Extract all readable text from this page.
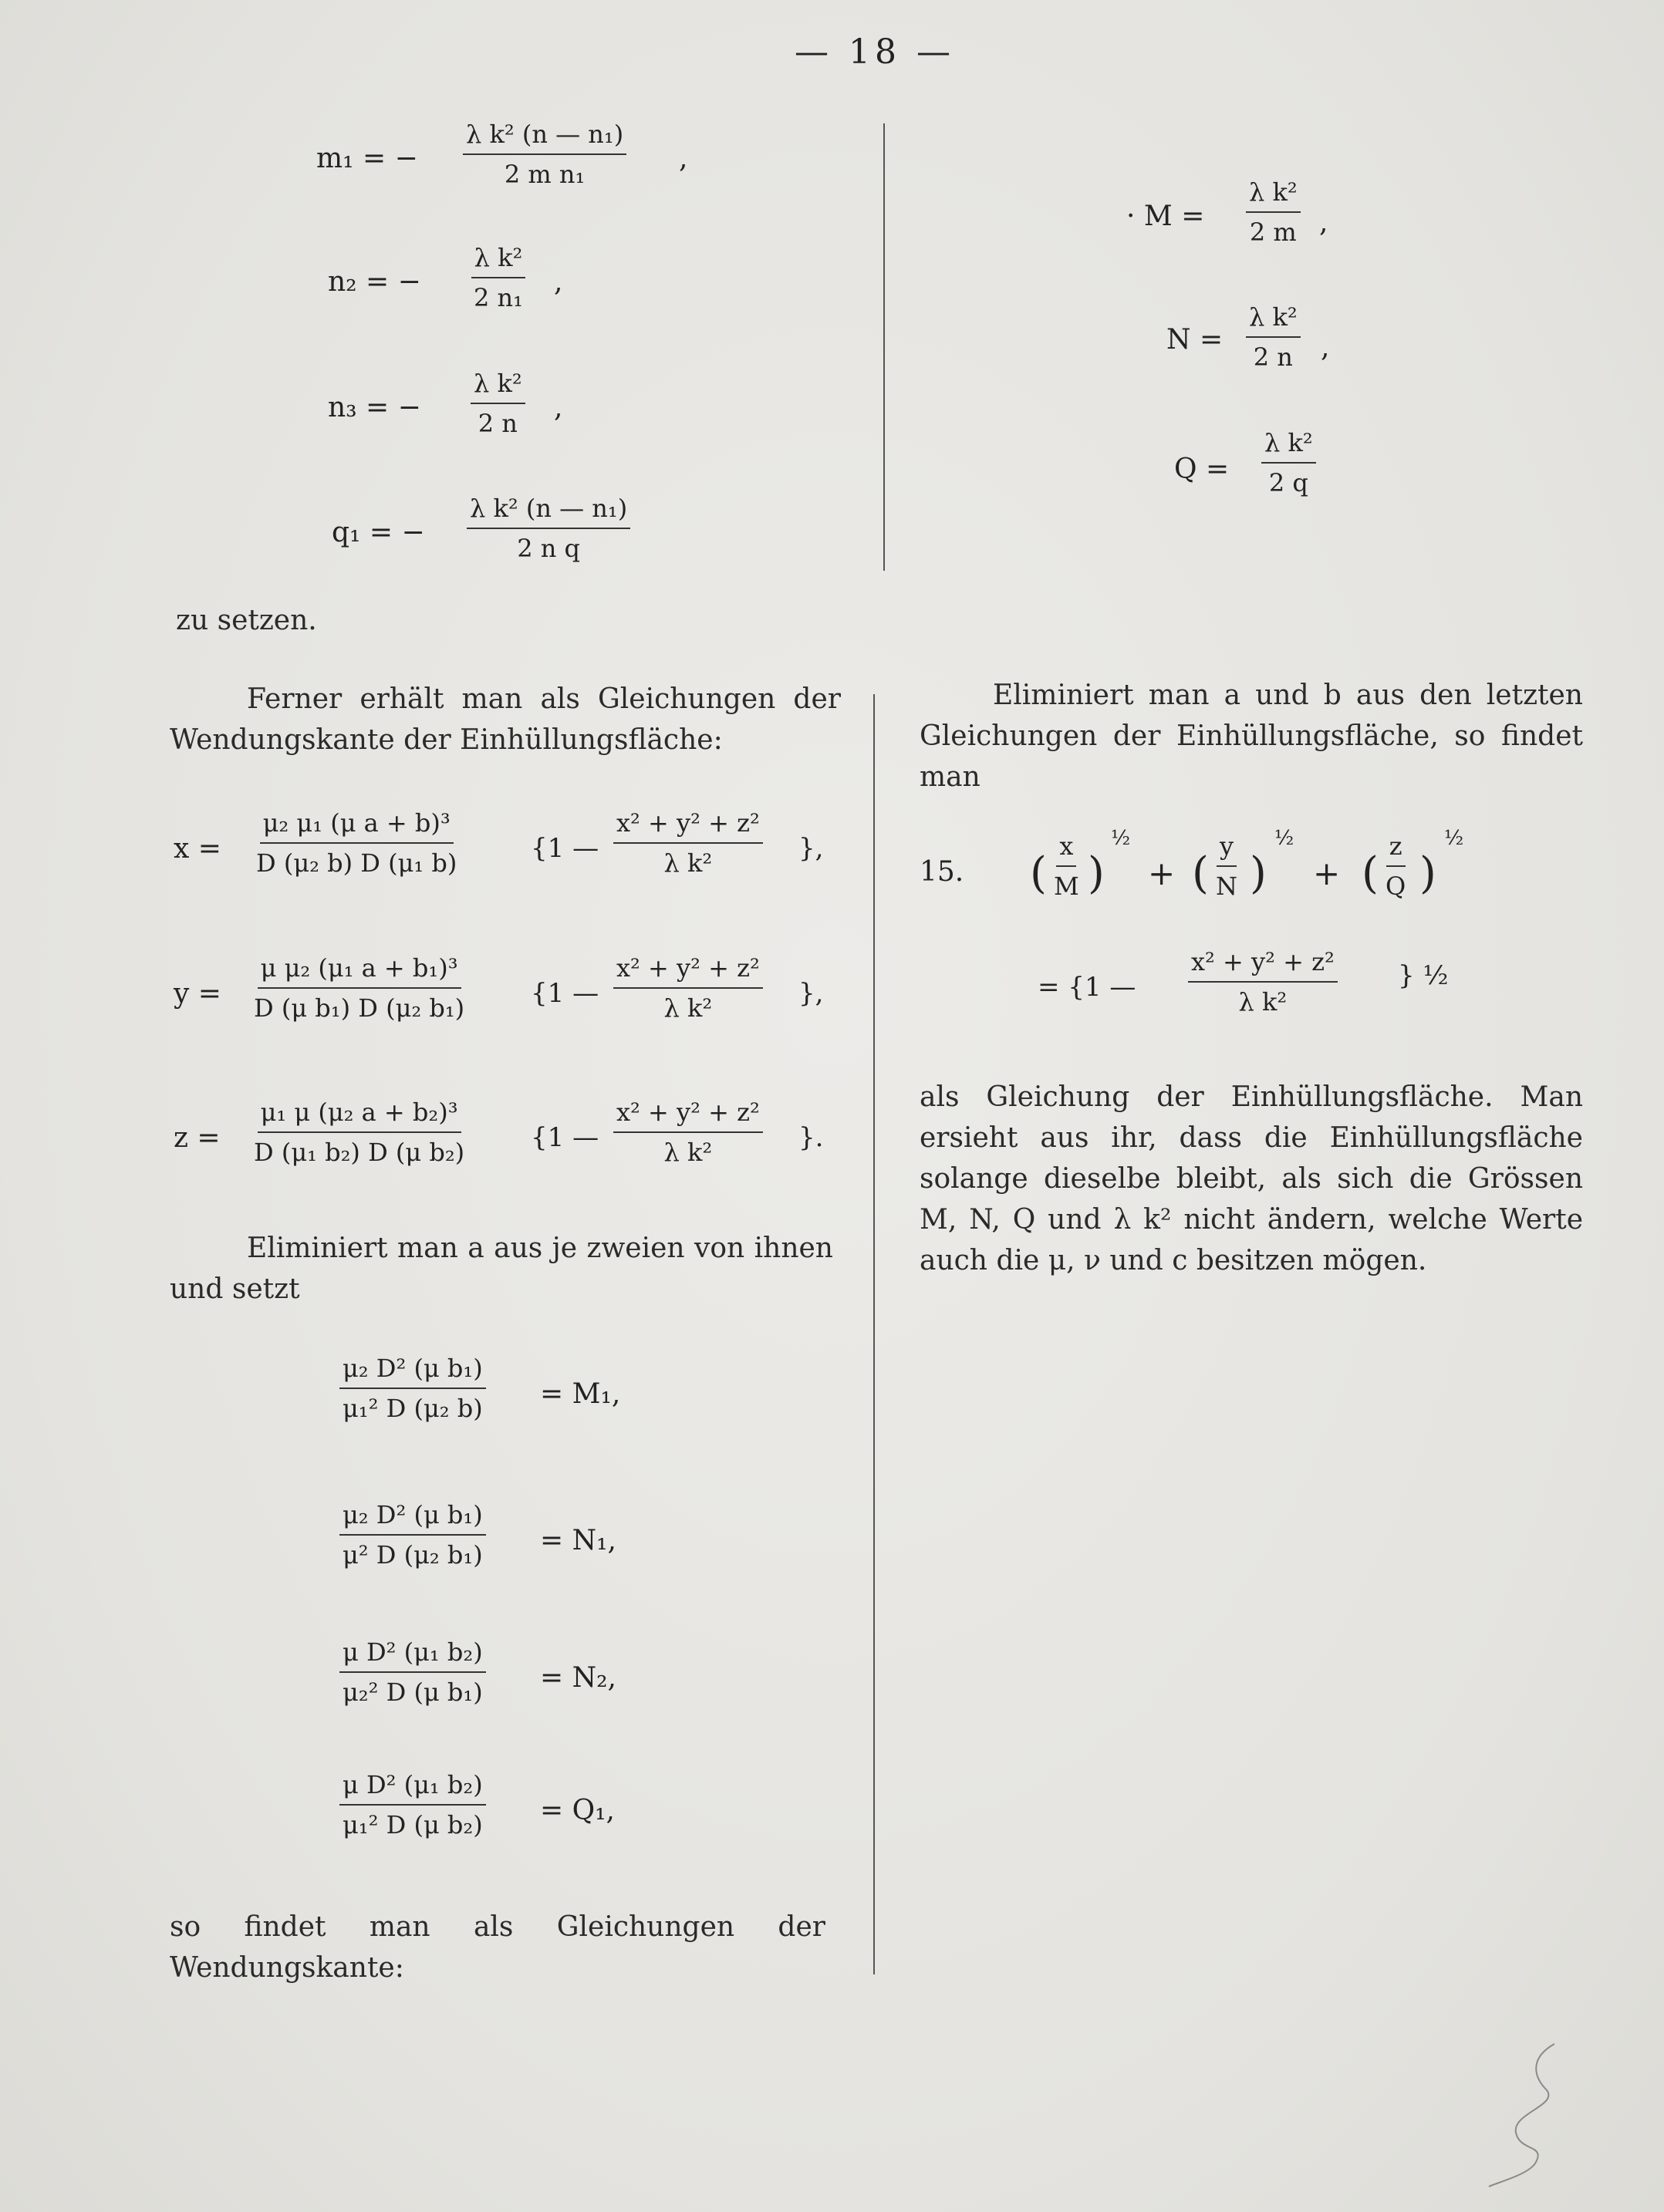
— 18 —
m₁ = − $\frac{\text{λ k² (n — n₁)}}{\text{2 m n₁}}$ ,
n₂ = − $\frac{\text{λ k²}}{\text{2 n₁}}$ ,
n₃ = − $\frac{\text{λ k²}}{2 n}$ ,
q₁ = − $\frac{\text{λ k² (n — n₁)}}{\text{2 n q}}$
zu setzen.
Ferner erhält man als Gleichungen der Wendungskante der Einhüllungsfläche:
$x = \frac{\text{μ₂ μ₁ (μ a + b)³}}{\text{D (μ₂ b) D (μ₁ b)}}$	{1 — $\frac{\text{x² + y² + z²}}{\text{λ k²}}$ },
$y = \frac{\text{μ μ₂ (μ₁ a + b₁)³}}{\text{D (μ b₁) D (μ₂ b₁)}} \{1$ — $\frac{\text{x² + y² + z²}}{\text{λ k²}}$ },
$z = \frac{\text{μ₁ μ (μ₂ a + b₂)³}}{\text{D (μ₁ b₂) D (μ b₂)}} \{1$ — $\frac{\text{x² + y² + z²}}{\text{λ k²}}$ }.
Eliminiert man a aus je zweien von ihnen und setzt
$\frac{\text{μ₂ D² (μ b₁)}}{\text{μ₁² D (μ₂ b)}} = M_1$,
$\frac{\text{μ₂ D² (μ b₁)}}{\text{μ² D (μ₂ b₁)}} = N_1$,
$\frac{\text{μ D² (μ₁ b₂)}}{\text{μ₂² D (μ b₁)}} = N_2$,
$\frac{\text{μ D² (μ₁ b₂)}}{\text{μ₁² D (μ b₂)}} = Q_1$,
so findet man als Gleichungen der Wendungskante:
· $M = \frac{\text{λ k²}}{2 m}$ ,
$N = \frac{\text{λ k²}}{2 n}$ ,
$Q = \frac{\text{λ k²}}{2 q}$
Eliminiert man a und b aus den letzten Gleichungen der Einhüllungsfläche, so findet man
15. ( $\frac{x}{M}$ )
½
+ ( $\frac{y}{N}$ )
½
+ ( $\frac{z}{Q}$ )
½
= {1 — $\frac{\text{x² + y² + z²}}{\text{λ k²}}$ } ½
als Gleichung der Einhüllungsfläche. Man ersieht aus ihr, dass die Einhüllungsfläche solange dieselbe bleibt, als sich die Grössen M, N, Q und λ k² nicht ändern, welche Werte auch die μ, ν und c besitzen mögen.
